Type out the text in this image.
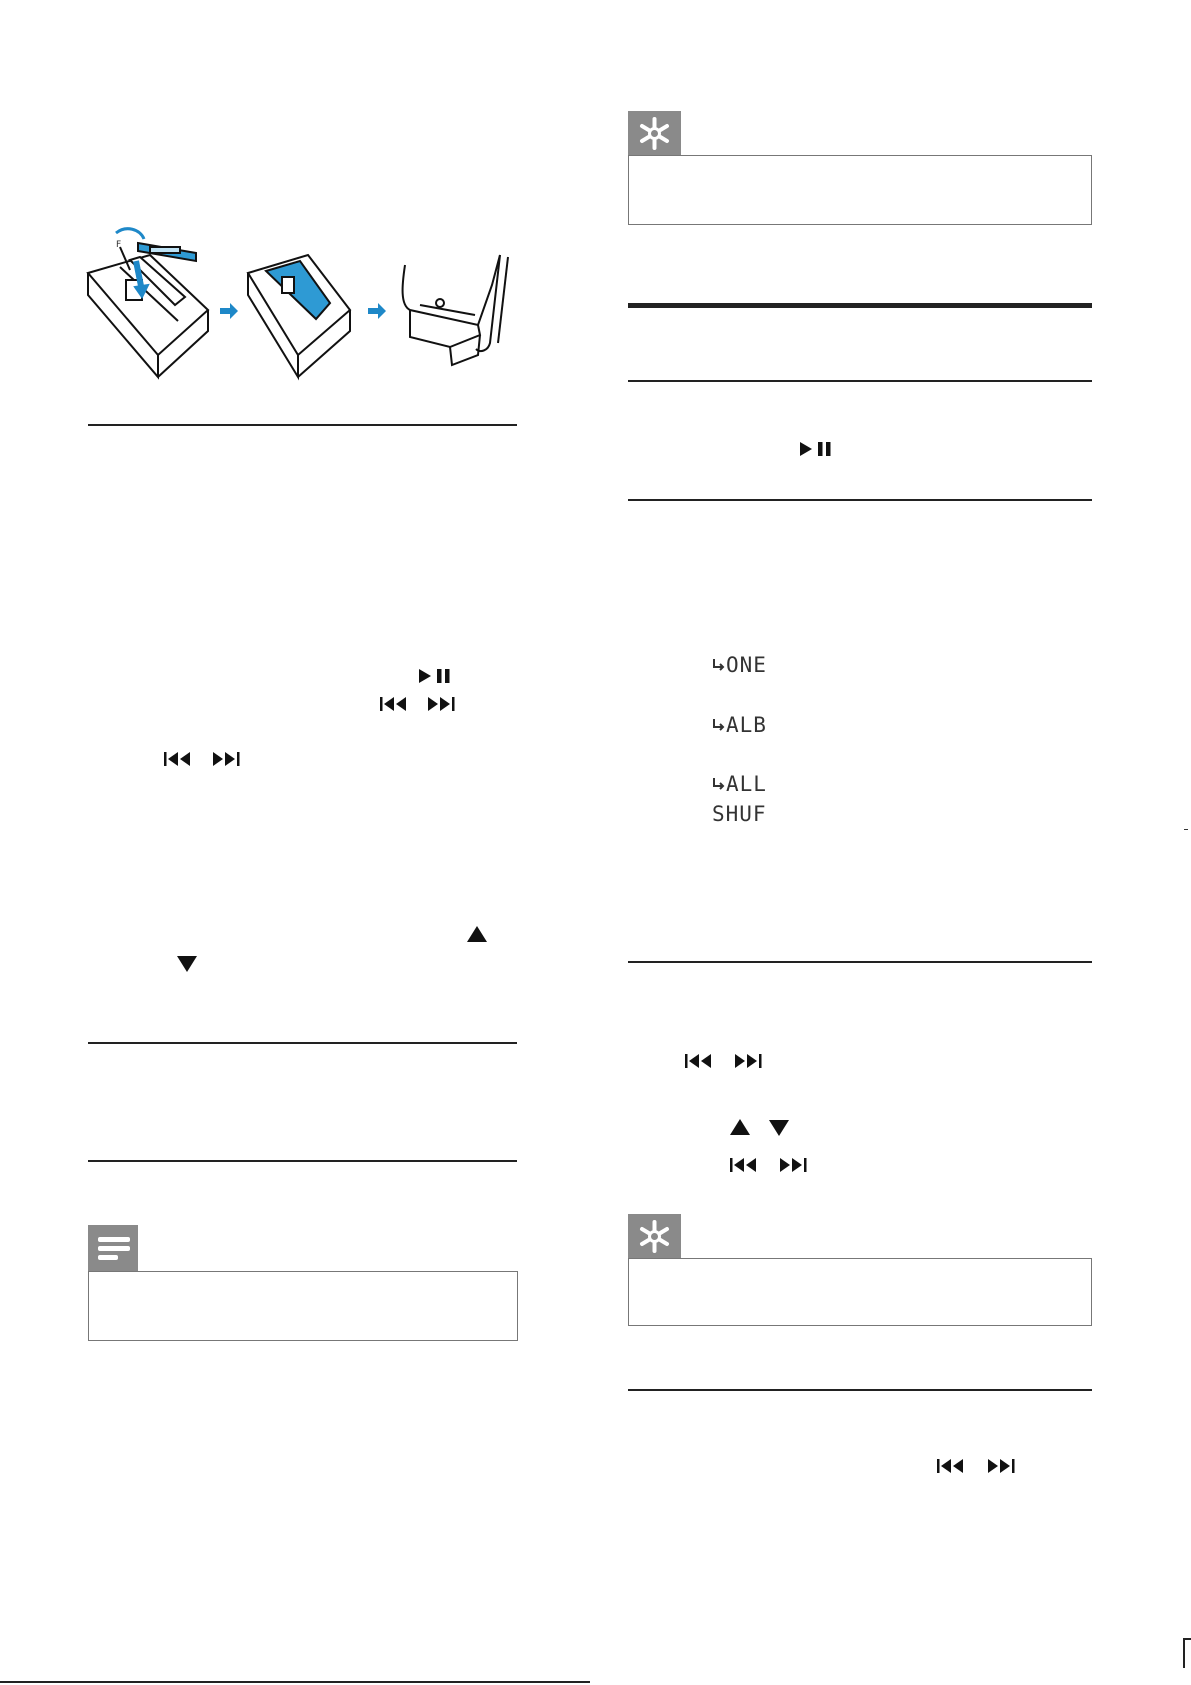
F
ONE
ALB
ALL
SHUF
